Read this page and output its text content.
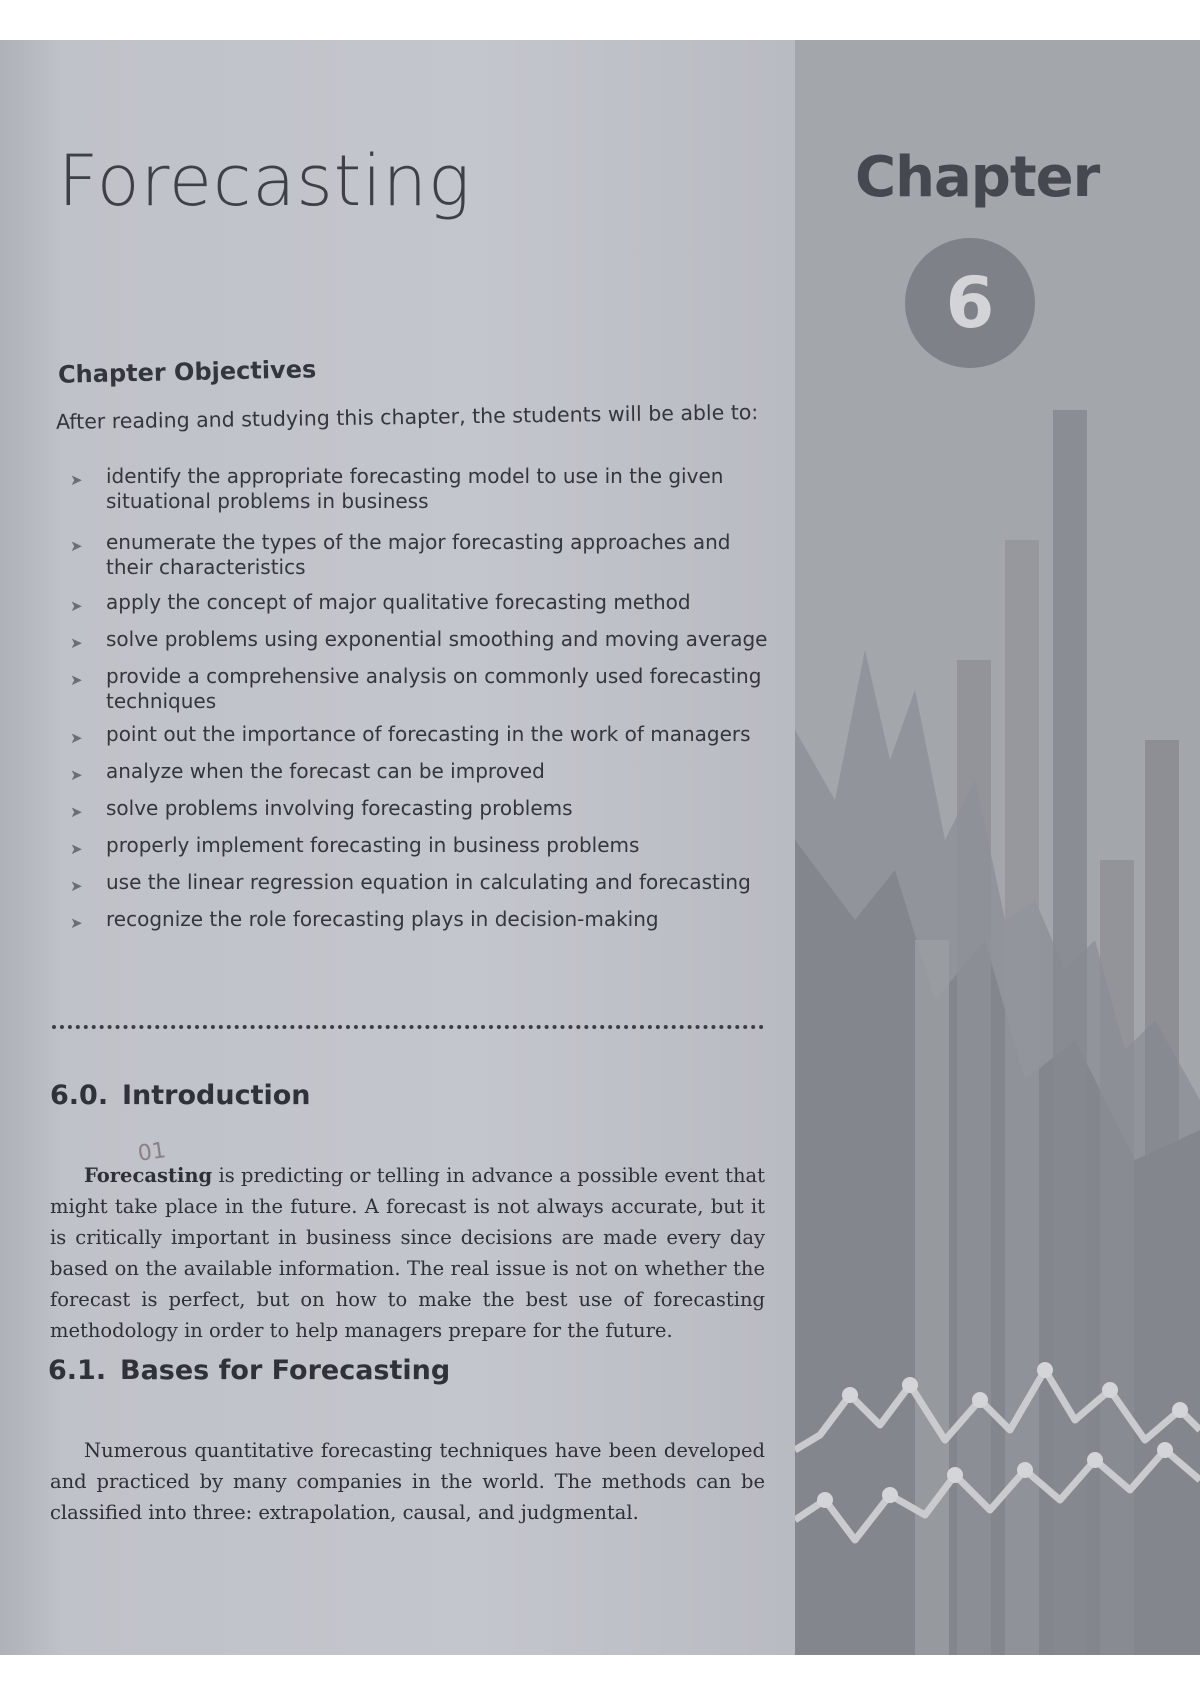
Forecasting	Chapter
6
Chapter Objectives
After reading and studying this chapter, the students will be able to:
➤ identify the appropriate forecasting model to use in the given situational problems in business
➤ enumerate the types of the major forecasting approaches and their characteristics
➤ apply the concept of major qualitative forecasting method
➤ solve problems using exponential smoothing and moving average
➤ provide a comprehensive analysis on commonly used forecasting techniques
➤ point out the importance of forecasting in the work of managers
➤ analyze when the forecast can be improved
➤ solve problems involving forecasting problems
➤ properly implement forecasting in business problems
➤ use the linear regression equation in calculating and forecasting
➤ recognize the role forecasting plays in decision-making
6.0. Introduction
01

Forecasting is predicting or telling in advance a possible event that might take place in the future. A forecast is not always accurate, but it is critically important in business since decisions are made every day based on the available information. The real issue is not on whether the forecast is perfect, but on how to make the best use of forecasting methodology in order to help managers prepare for the future.

6.1. Bases for Forecasting

Numerous quantitative forecasting techniques have been developed and practiced by many companies in the world. The methods can be classified into three: extrapolation, causal, and judgmental.
